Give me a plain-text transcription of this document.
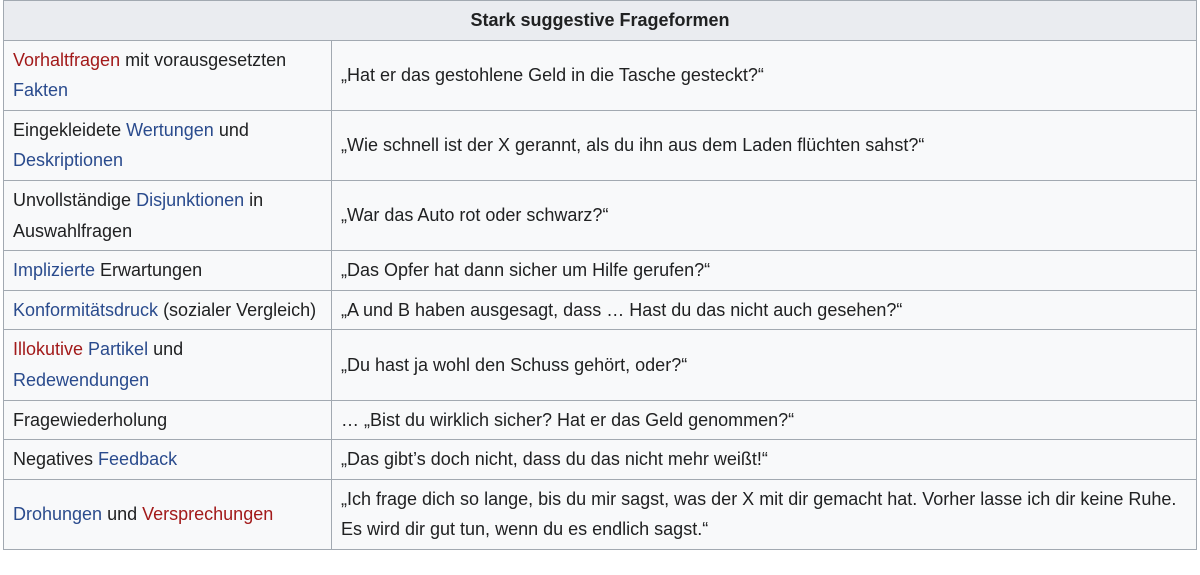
Stark suggestive Frageformen	
Vorhaltfragen mit vorausgesetzten Fakten	„Hat er das gestohlene Geld in die Tasche gesteckt?“
Eingekleidete Wertungen und Deskriptionen	„Wie schnell ist der X gerannt, als du ihn aus dem Laden flüchten sahst?“
Unvollständige Disjunktionen in Auswahlfragen	„War das Auto rot oder schwarz?“
Implizierte Erwartungen	„Das Opfer hat dann sicher um Hilfe gerufen?“
Konformitätsdruck (sozialer Vergleich)	„A und B haben ausgesagt, dass … Hast du das nicht auch gesehen?“
Illokutive Partikel und Redewendungen	„Du hast ja wohl den Schuss gehört, oder?“
Fragewiederholung	… „Bist du wirklich sicher? Hat er das Geld genommen?“
Negatives Feedback	„Das gibt’s doch nicht, dass du das nicht mehr weißt!“
Drohungen und Versprechungen	„Ich frage dich so lange, bis du mir sagst, was der X mit dir gemacht hat. Vorher lasse ich dir keine Ruhe. Es wird dir gut tun, wenn du es endlich sagst.“
